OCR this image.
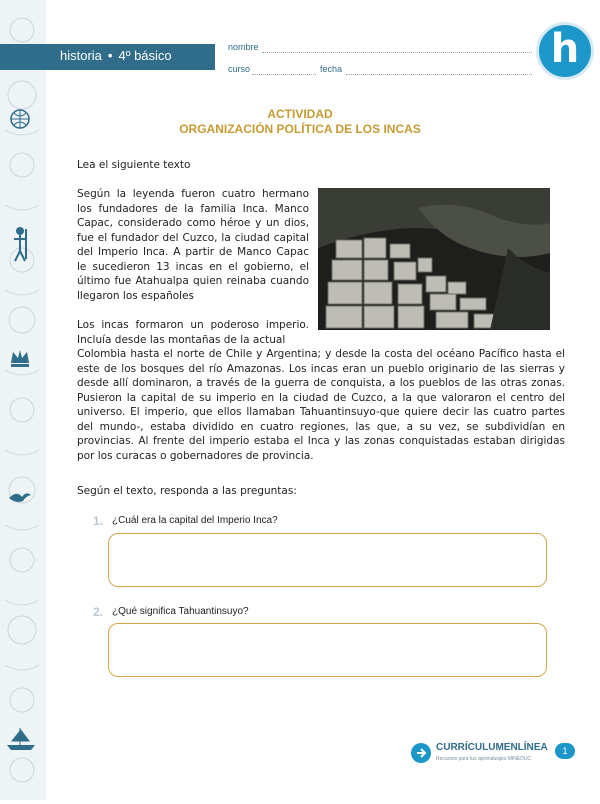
historia • 4º básico
nombre
curso	fecha	h
ACTIVIDAD
ORGANIZACIÓN POLÍTICA DE LOS INCAS
Lea el siguiente texto
Según la leyenda fueron cuatro hermano los fundadores de la familia Inca. Manco Capac, considerado como héroe y un dios, fue el fundador del Cuzco, la ciudad capital del Imperio Inca. A partir de Manco Capac le sucedieron 13 incas en el gobierno, el último fue Atahualpa quien reinaba cuando llegaron los españoles
Los incas formaron un poderoso imperio. Incluía desde las montañas de la actual
Colombia hasta el norte de Chile y Argentina; y desde la costa del océano Pacífico hasta el este de los bosques del río Amazonas. Los incas eran un pueblo originario de las sierras y desde allí dominaron, a través de la guerra de conquista, a los pueblos de las otras zonas. Pusieron la capital de su imperio en la ciudad de Cuzco, a la que valoraron el centro del universo. El imperio, que ellos llamaban Tahuantinsuyo-que quiere decir las cuatro partes del mundo-, estaba dividido en cuatro regiones, las que, a su vez, se subdividían en provincias. Al frente del imperio estaba el Inca y las zonas conquistadas estaban dirigidas por los curacas o gobernadores de provincia.
Según el texto, responda a las preguntas:
1. ¿Cuál era la capital del Imperio Inca?
2. ¿Qué significa Tahuantinsuyo?
CURRÍCULUMENLÍNEA
Recursos para tus aprendizajes MINEDUC
1
